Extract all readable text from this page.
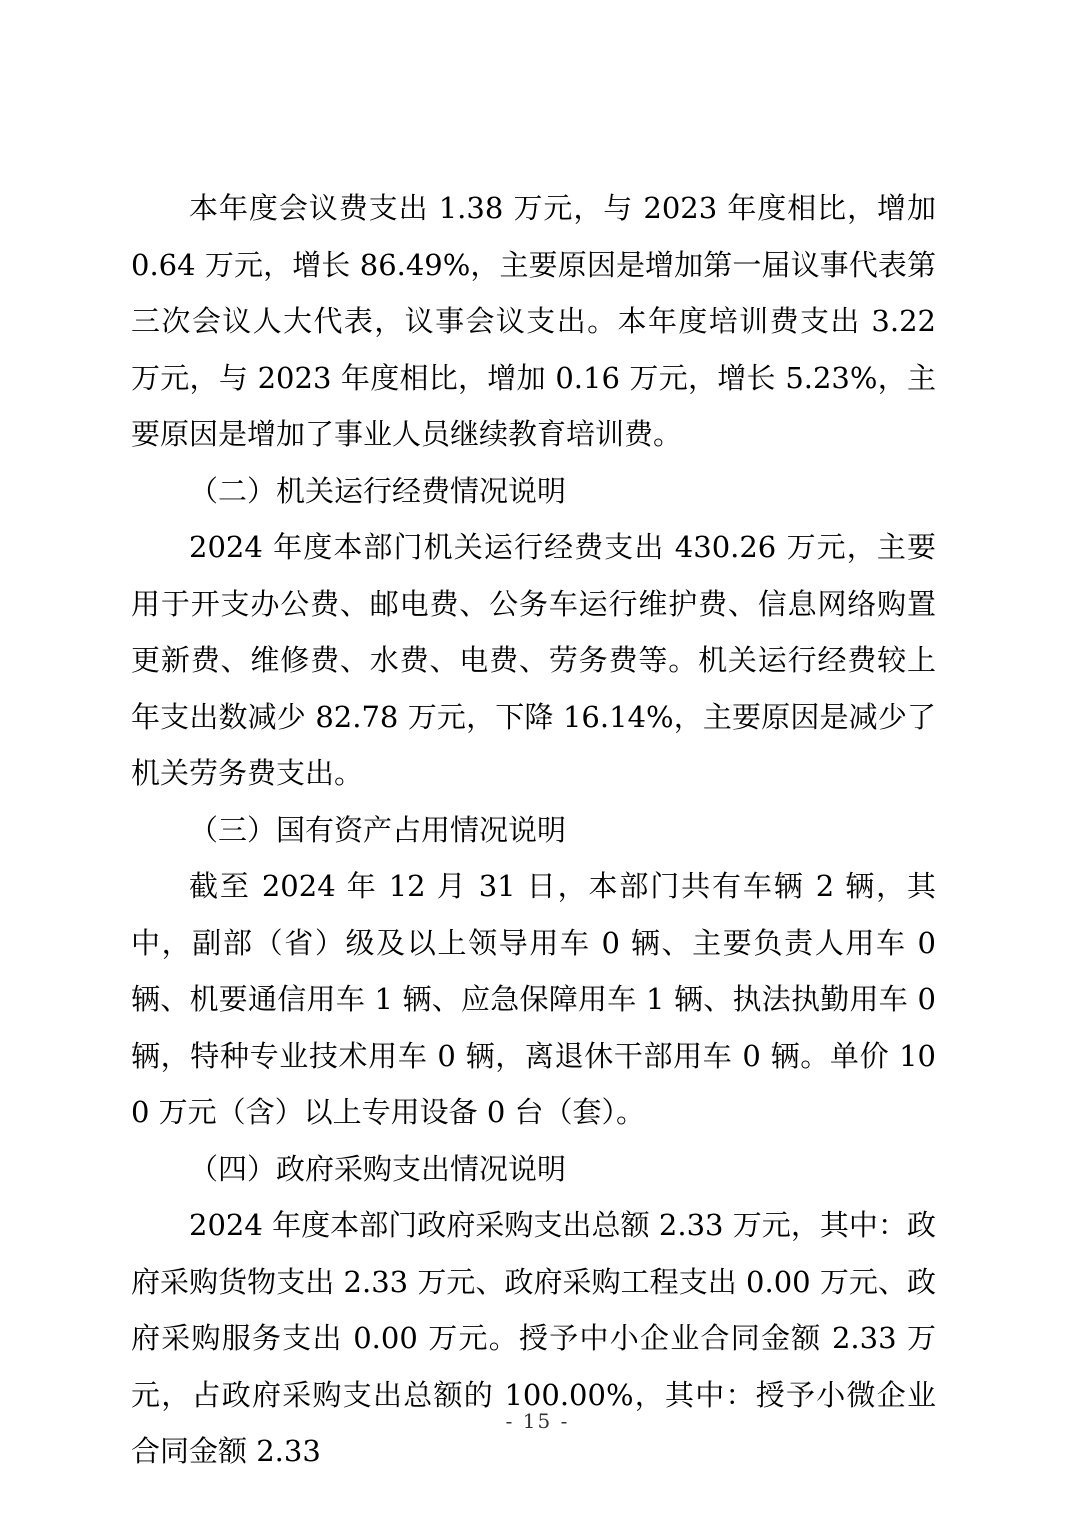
本年度会议费支出 1.38 万元，与 2023 年度相比，增加 0.64 万元，增长 86.49%，主要原因是增加第一届议事代表第三次会议人大代表，议事会议支出。本年度培训费支出 3.22 万元，与 2023 年度相比，增加 0.16 万元，增长 5.23%，主要原因是增加了事业人员继续教育培训费。

（二）机关运行经费情况说明

2024 年度本部门机关运行经费支出 430.26 万元，主要用于开支办公费、邮电费、公务车运行维护费、信息网络购置更新费、维修费、水费、电费、劳务费等。机关运行经费较上年支出数减少 82.78 万元，下降 16.14%，主要原因是减少了机关劳务费支出。

（三）国有资产占用情况说明

截至 2024 年 12 月 31 日，本部门共有车辆 2 辆，其中，副部（省）级及以上领导用车 0 辆、主要负责人用车 0 辆、机要通信用车 1 辆、应急保障用车 1 辆、执法执勤用车 0 辆，特种专业技术用车 0 辆，离退休干部用车 0 辆。单价 100 万元（含）以上专用设备 0 台（套）。

（四）政府采购支出情况说明

2024 年度本部门政府采购支出总额 2.33 万元，其中：政府采购货物支出 2.33 万元、政府采购工程支出 0.00 万元、政府采购服务支出 0.00 万元。授予中小企业合同金额 2.33 万元，占政府采购支出总额的 100.00%，其中：授予小微企业合同金额 2.33

- 15 -
